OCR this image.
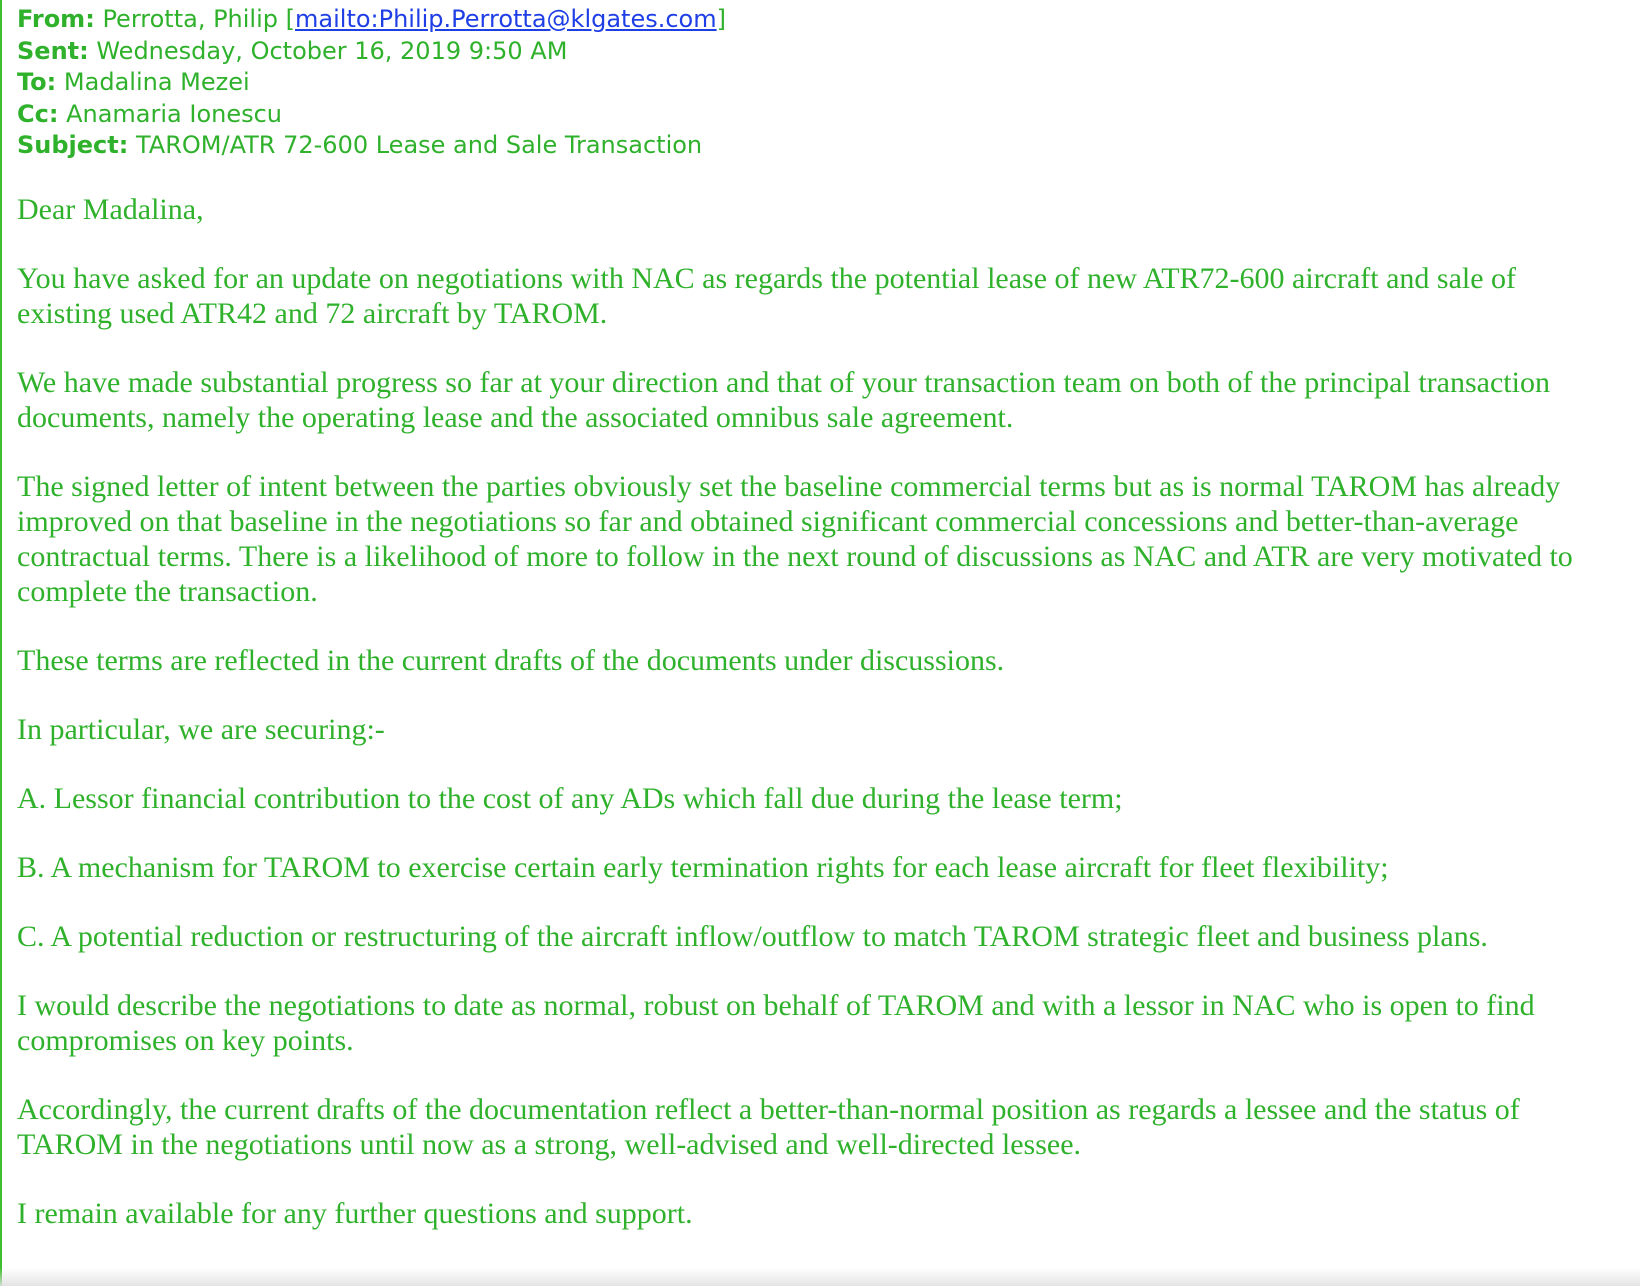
From: Perrotta, Philip [mailto:Philip.Perrotta@klgates.com]
Sent: Wednesday, October 16, 2019 9:50 AM
To: Madalina Mezei
Cc: Anamaria Ionescu
Subject: TAROM/ATR 72-600 Lease and Sale Transaction

Dear Madalina,

You have asked for an update on negotiations with NAC as regards the potential lease of new ATR72-600 aircraft and sale of existing used ATR42 and 72 aircraft by TAROM.

We have made substantial progress so far at your direction and that of your transaction team on both of the principal transaction documents, namely the operating lease and the associated omnibus sale agreement.

The signed letter of intent between the parties obviously set the baseline commercial terms but as is normal TAROM has already improved on that baseline in the negotiations so far and obtained significant commercial concessions and better-than-average contractual terms. There is a likelihood of more to follow in the next round of discussions as NAC and ATR are very motivated to complete the transaction.

These terms are reflected in the current drafts of the documents under discussions.

In particular, we are securing:-

A. Lessor financial contribution to the cost of any ADs which fall due during the lease term;

B. A mechanism for TAROM to exercise certain early termination rights for each lease aircraft for fleet flexibility;

C. A potential reduction or restructuring of the aircraft inflow/outflow to match TAROM strategic fleet and business plans.

I would describe the negotiations to date as normal, robust on behalf of TAROM and with a lessor in NAC who is open to find compromises on key points.

Accordingly, the current drafts of the documentation reflect a better-than-normal position as regards a lessee and the status of TAROM in the negotiations until now as a strong, well-advised and well-directed lessee.

I remain available for any further questions and support.
